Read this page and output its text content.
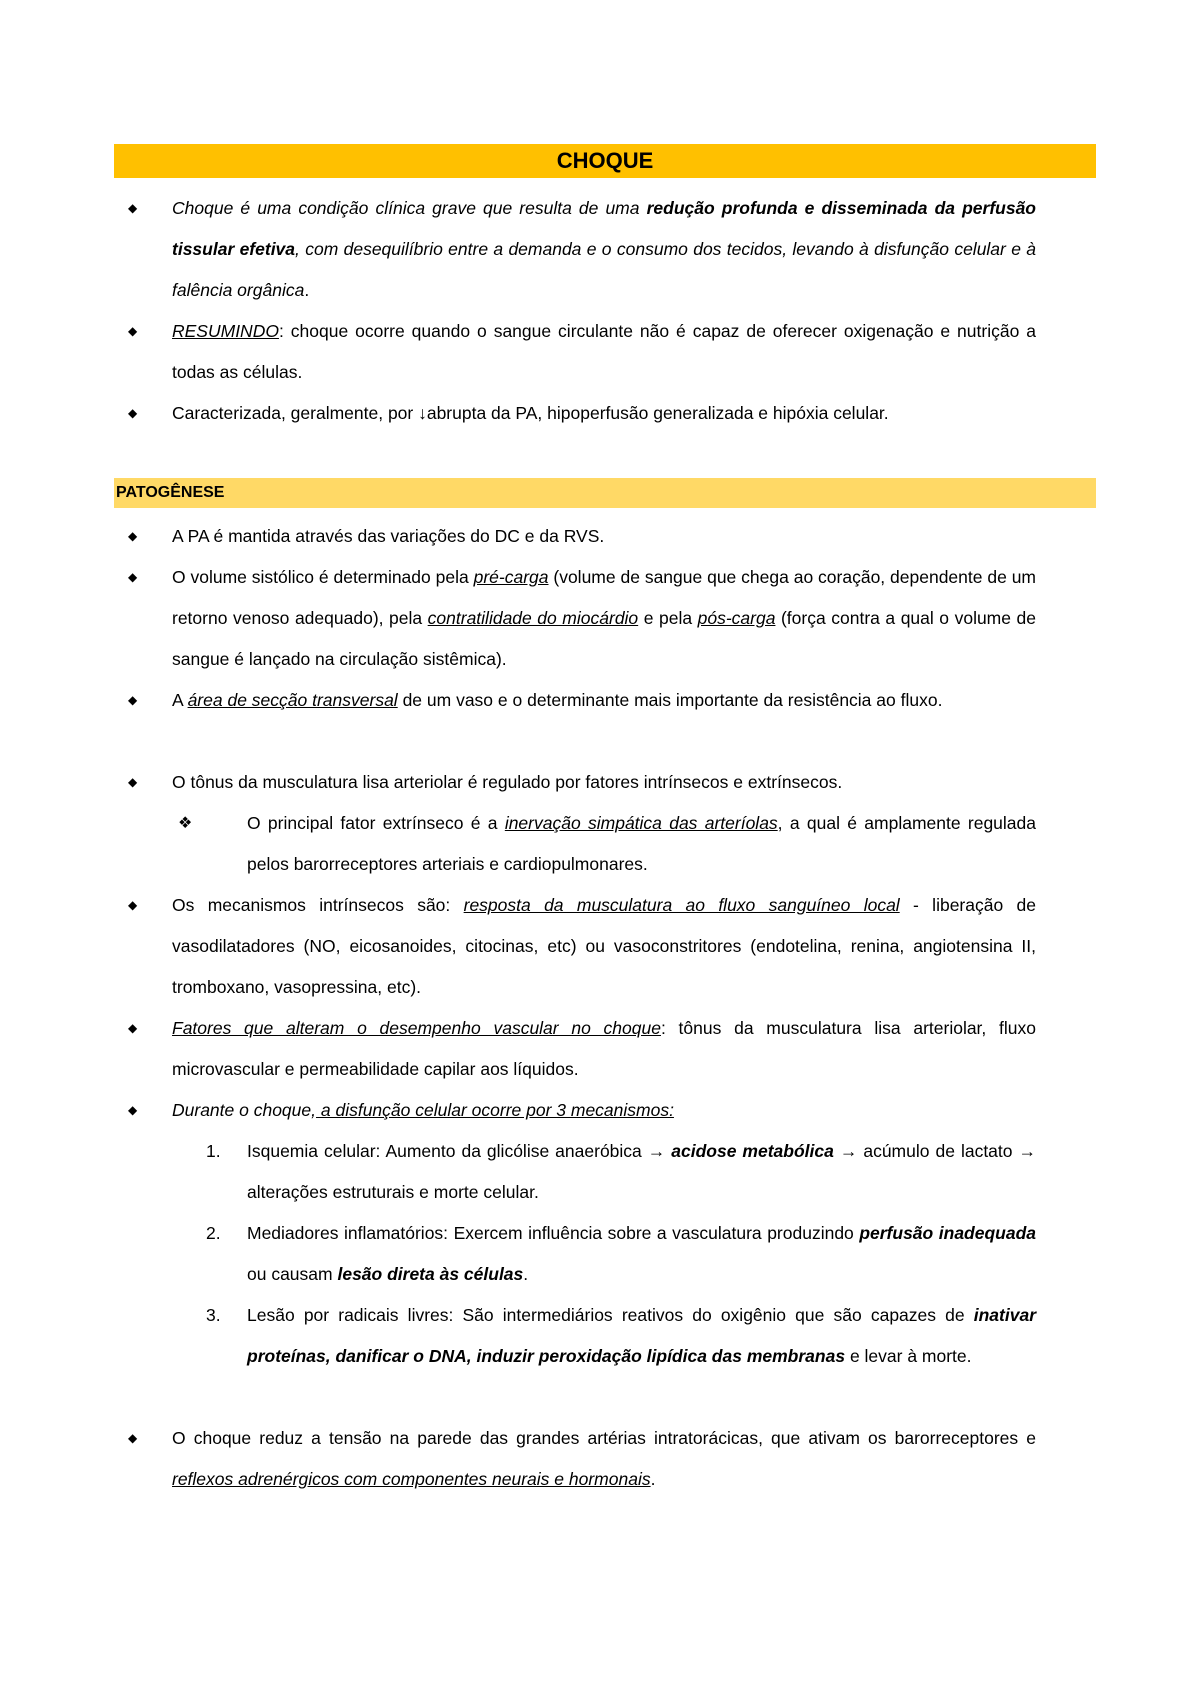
CHOQUE
◆ Choque é uma condição clínica grave que resulta de uma redução profunda e disseminada da perfusão tissular efetiva, com desequilíbrio entre a demanda e o consumo dos tecidos, levando à disfunção celular e à falência orgânica.
◆ RESUMINDO: choque ocorre quando o sangue circulante não é capaz de oferecer oxigenação e nutrição a todas as células.
◆ Caracterizada, geralmente, por ↓abrupta da PA, hipoperfusão generalizada e hipóxia celular.
PATOGÊNESE
◆ A PA é mantida através das variações do DC e da RVS.
◆ O volume sistólico é determinado pela pré-carga (volume de sangue que chega ao coração, dependente de um retorno venoso adequado), pela contratilidade do miocárdio e pela pós-carga (força contra a qual o volume de sangue é lançado na circulação sistêmica).
◆ A área de secção transversal de um vaso e o determinante mais importante da resistência ao fluxo.
◆ O tônus da musculatura lisa arteriolar é regulado por fatores intrínsecos e extrínsecos.
❖	O principal fator extrínseco é a inervação simpática das arteríolas, a qual é amplamente regulada pelos barorreceptores arteriais e cardiopulmonares.
◆ Os mecanismos intrínsecos são: resposta da musculatura ao fluxo sanguíneo local - liberação de vasodilatadores (NO, eicosanoides, citocinas, etc) ou vasoconstritores (endotelina, renina, angiotensina II, tromboxano, vasopressina, etc).
◆ Fatores que alteram o desempenho vascular no choque: tônus da musculatura lisa arteriolar, fluxo microvascular e permeabilidade capilar aos líquidos.
◆ Durante o choque, a disfunção celular ocorre por 3 mecanismos:
1.	Isquemia celular: Aumento da glicólise anaeróbica → acidose metabólica → acúmulo de lactato → alterações estruturais e morte celular.
2.	Mediadores inflamatórios: Exercem influência sobre a vasculatura produzindo perfusão inadequada ou causam lesão direta às células.
3.	Lesão por radicais livres: São intermediários reativos do oxigênio que são capazes de inativar proteínas, danificar o DNA, induzir peroxidação lipídica das membranas e levar à morte.
◆ O choque reduz a tensão na parede das grandes artérias intratorácicas, que ativam os barorreceptores e reflexos adrenérgicos com componentes neurais e hormonais.
